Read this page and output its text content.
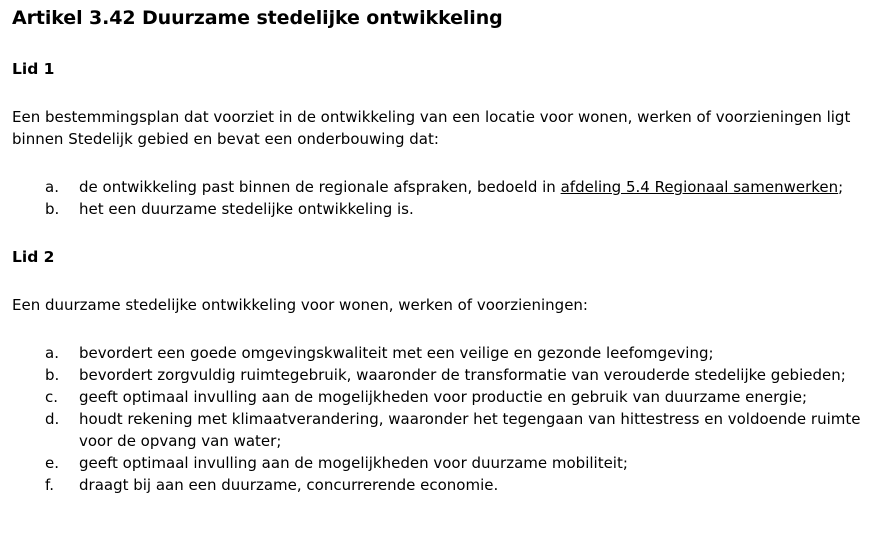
Artikel 3.42 Duurzame stedelijke ontwikkeling
Lid 1

Een bestemmingsplan dat voorziet in de ontwikkeling van een locatie voor wonen, werken of voorzieningen ligt binnen Stedelijk gebied en bevat een onderbouwing dat:

a. de ontwikkeling past binnen de regionale afspraken, bedoeld in afdeling 5.4 Regionaal samenwerken;
b. het een duurzame stedelijke ontwikkeling is.
Lid 2

Een duurzame stedelijke ontwikkeling voor wonen, werken of voorzieningen:

a. bevordert een goede omgevingskwaliteit met een veilige en gezonde leefomgeving;
b. bevordert zorgvuldig ruimtegebruik, waaronder de transformatie van verouderde stedelijke gebieden;
c. geeft optimaal invulling aan de mogelijkheden voor productie en gebruik van duurzame energie;
d. houdt rekening met klimaatverandering, waaronder het tegengaan van hittestress en voldoende ruimte voor de opvang van water;
e. geeft optimaal invulling aan de mogelijkheden voor duurzame mobiliteit;
f. draagt bij aan een duurzame, concurrerende economie.
